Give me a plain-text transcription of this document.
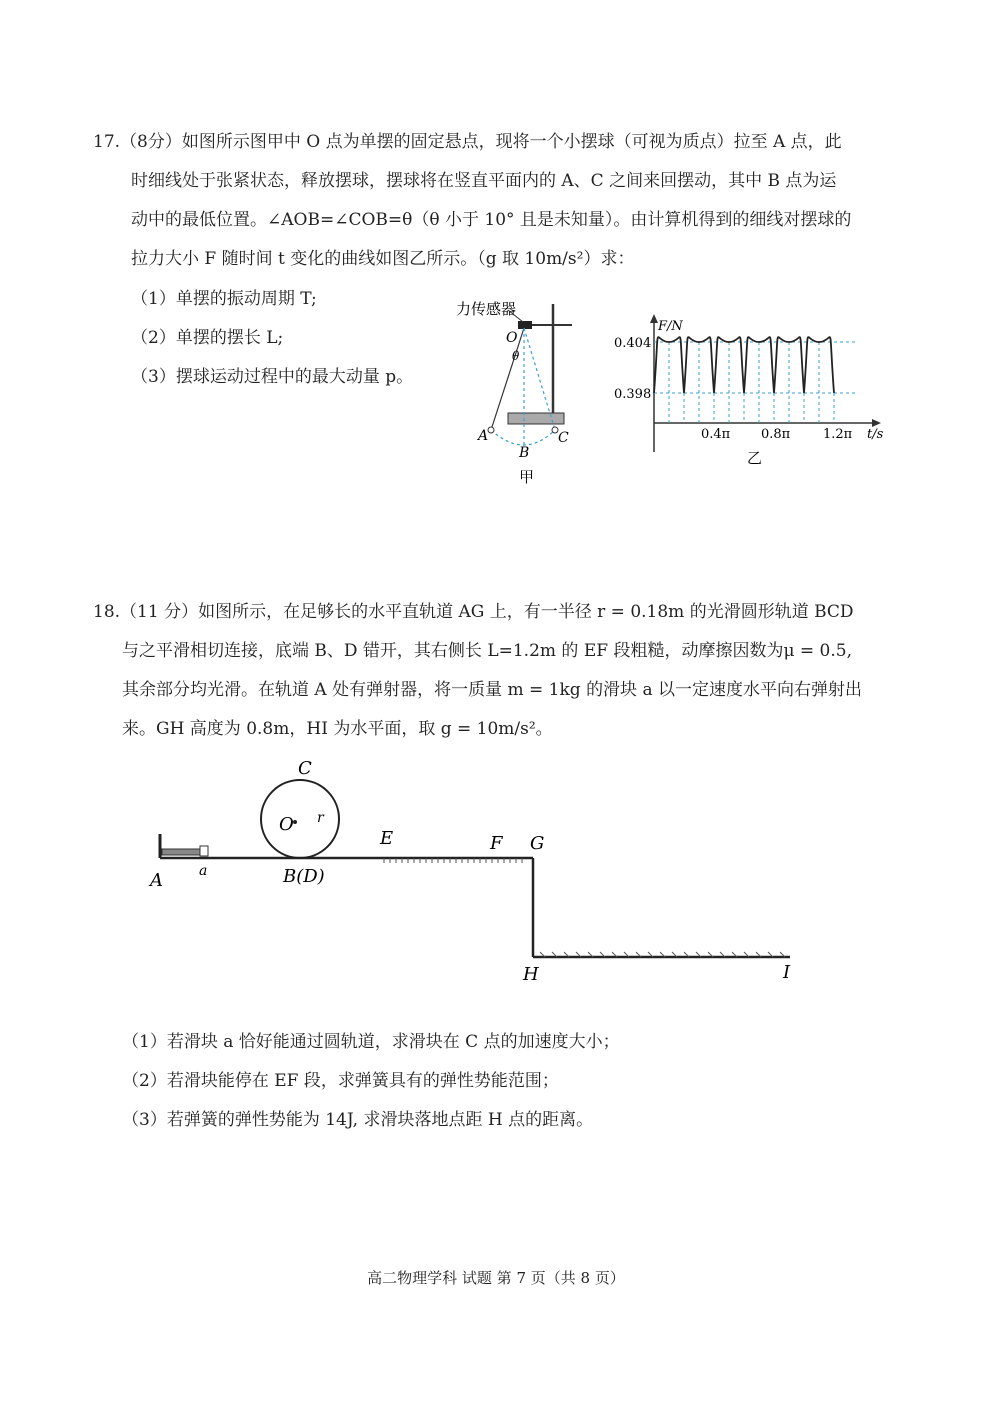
17.（8分）如图所示图甲中 O 点为单摆的固定悬点，现将一个小摆球（可视为质点）拉至 A 点，此
时细线处于张紧状态，释放摆球，摆球将在竖直平面内的 A、C 之间来回摆动，其中 B 点为运
动中的最低位置。∠AOB=∠COB=θ（θ 小于 10° 且是未知量）。由计算机得到的细线对摆球的
拉力大小 F 随时间 t 变化的曲线如图乙所示。（g 取 10m/s²）求：
（1）单摆的振动周期 T;
（2）单摆的摆长 L;
（3）摆球运动过程中的最大动量 p。
力传感器
O
θ
A
B
C
甲
F/N
t/s
0.404
0.398
0.4π 0.8π	1.2π
乙
18.（11 分）如图所示，在足够长的水平直轨道 AG 上，有一半径 r = 0.18m 的光滑圆形轨道 BCD
与之平滑相切连接，底端 B、D 错开，其右侧长 L=1.2m 的 EF 段粗糙，动摩擦因数为μ = 0.5,
其余部分均光滑。在轨道 A 处有弹射器，将一质量 m = 1kg 的滑块 a 以一定速度水平向右弹射出
来。GH 高度为 0.8m，HI 为水平面，取 g = 10m/s²。
C
O r
E	F G
A	a	B(D)
H	I
（1）若滑块 a 恰好能通过圆轨道，求滑块在 C 点的加速度大小；
（2）若滑块能停在 EF 段，求弹簧具有的弹性势能范围；
（3）若弹簧的弹性势能为 14J, 求滑块落地点距 H 点的距离。
高二物理学科 试题 第 7 页（共 8 页）
